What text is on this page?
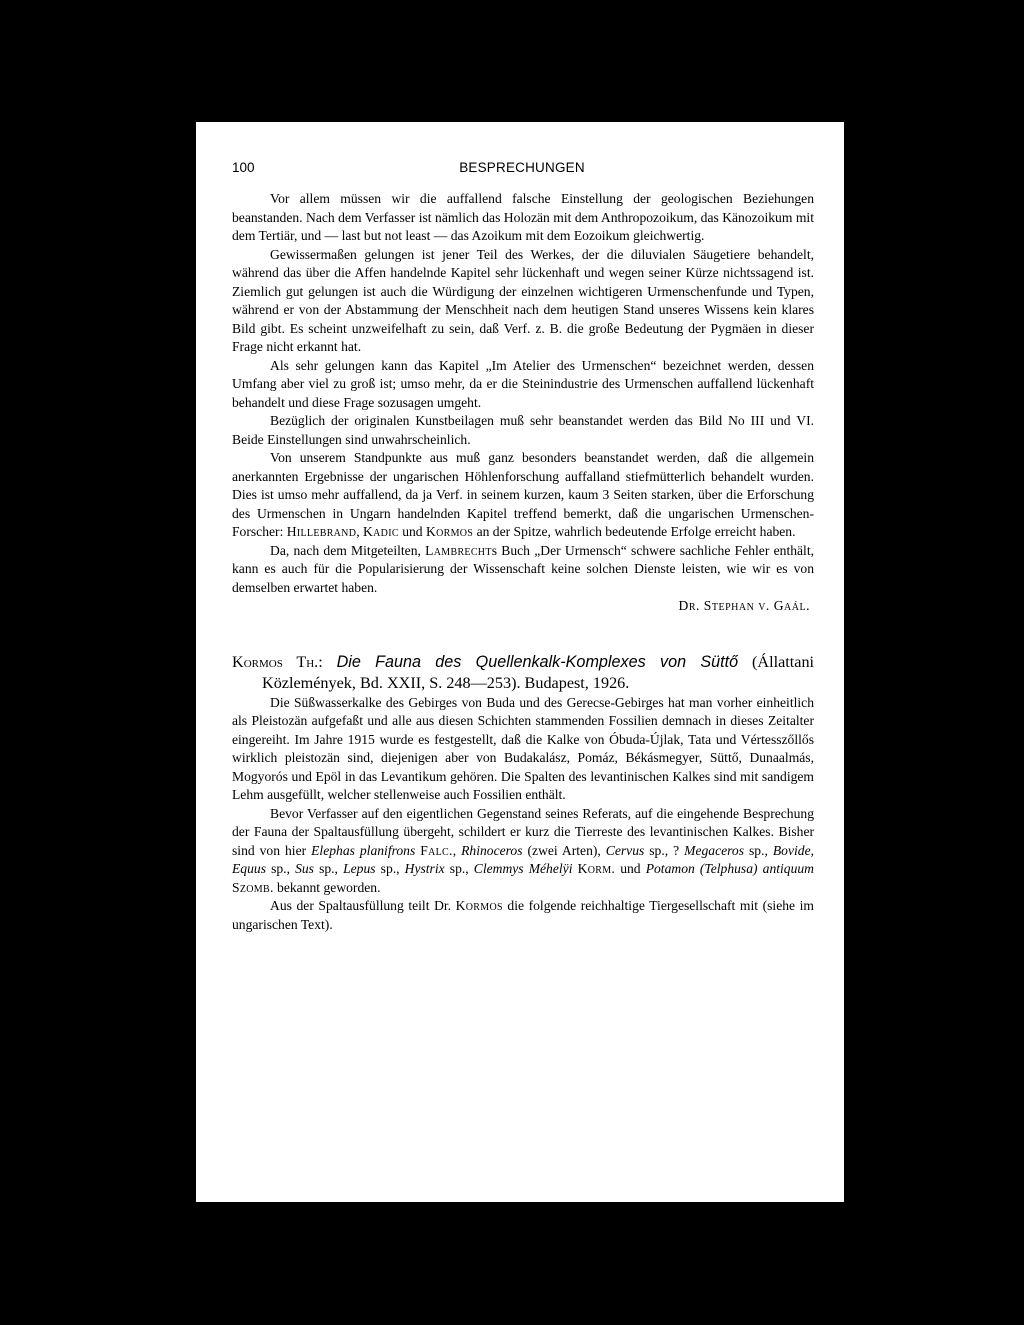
100	BESPRECHUNGEN

Vor allem müssen wir die auffallend falsche Einstellung der geologischen Beziehungen beanstanden. Nach dem Verfasser ist nämlich das Holozän mit dem Anthropozoikum, das Känozoikum mit dem Tertiär, und — last but not least — das Azoikum mit dem Eozoikum gleichwertig.

Gewissermaßen gelungen ist jener Teil des Werkes, der die diluvialen Säugetiere behandelt, während das über die Affen handelnde Kapitel sehr lückenhaft und wegen seiner Kürze nichtssagend ist. Ziemlich gut gelungen ist auch die Würdigung der einzelnen wichtigeren Urmenschenfunde und Typen, während er von der Abstammung der Menschheit nach dem heutigen Stand unseres Wissens kein klares Bild gibt. Es scheint unzweifelhaft zu sein, daß Verf. z. B. die große Bedeutung der Pygmäen in dieser Frage nicht erkannt hat.

Als sehr gelungen kann das Kapitel „Im Atelier des Urmenschen“ bezeichnet werden, dessen Umfang aber viel zu groß ist; umso mehr, da er die Steinindustrie des Urmenschen auffallend lückenhaft behandelt und diese Frage sozusagen umgeht.

Bezüglich der originalen Kunstbeilagen muß sehr beanstandet werden das Bild No III und VI. Beide Einstellungen sind unwahrscheinlich.

Von unserem Standpunkte aus muß ganz besonders beanstandet werden, daß die allgemein anerkannten Ergebnisse der ungarischen Höhlenforschung auffalland stiefmütterlich behandelt wurden. Dies ist umso mehr auffallend, da ja Verf. in seinem kurzen, kaum 3 Seiten starken, über die Erforschung des Urmenschen in Ungarn handelnden Kapitel treffend bemerkt, daß die ungarischen Urmenschen-Forscher: Hillebrand, Kadic und Kormos an der Spitze, wahrlich bedeutende Erfolge erreicht haben.

Da, nach dem Mitgeteilten, Lambrechts Buch „Der Urmensch“ schwere sachliche Fehler enthält, kann es auch für die Popularisierung der Wissenschaft keine solchen Dienste leisten, wie wir es von demselben erwartet haben.

Dr. Stephan v. Gaál.

Kormos Th.: Die Fauna des Quellenkalk-Komplexes von Süttő (Állattani Közlemények, Bd. XXII, S. 248—253). Budapest, 1926.

Die Süßwasserkalke des Gebirges von Buda und des Gerecse-Gebirges hat man vorher einheitlich als Pleistozän aufgefaßt und alle aus diesen Schichten stammenden Fossilien demnach in dieses Zeitalter eingereiht. Im Jahre 1915 wurde es festgestellt, daß die Kalke von Óbuda-Újlak, Tata und Vértesszőllős wirklich pleistozän sind, diejenigen aber von Budakalász, Pomáz, Békásmegyer, Süttő, Dunaalmás, Mogyorós und Epöl in das Levantikum gehören. Die Spalten des levantinischen Kalkes sind mit sandigem Lehm ausgefüllt, welcher stellenweise auch Fossilien enthält.

Bevor Verfasser auf den eigentlichen Gegenstand seines Referats, auf die eingehende Besprechung der Fauna der Spaltausfüllung übergeht, schildert er kurz die Tierreste des levantinischen Kalkes. Bisher sind von hier Elephas planifrons Falc., Rhinoceros (zwei Arten), Cervus sp., ? Megaceros sp., Bovide, Equus sp., Sus sp., Lepus sp., Hystrix sp., Clemmys Méhelÿi Korm. und Potamon (Telphusa) antiquum Szomb. bekannt geworden.

Aus der Spaltausfüllung teilt Dr. Kormos die folgende reichhaltige Tiergesellschaft mit (siehe im ungarischen Text).
